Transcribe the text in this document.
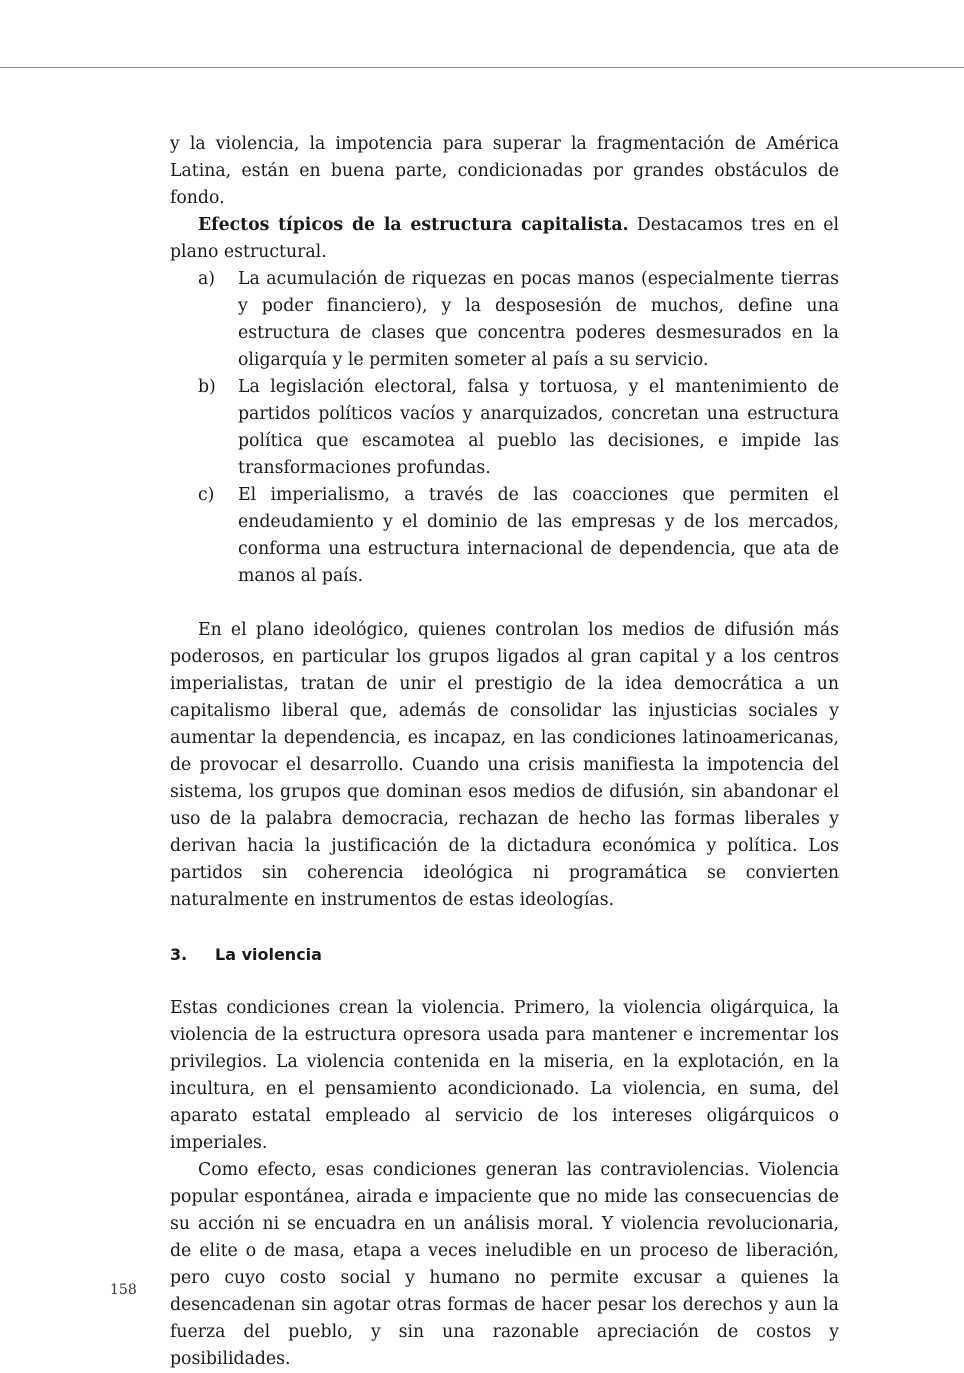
y la violencia, la impotencia para superar la fragmentación de América Latina, están en buena parte, condicionadas por grandes obstáculos de fondo.

Efectos típicos de la estructura capitalista. Destacamos tres en el plano estructural.

a) La acumulación de riquezas en pocas manos (especialmente tierras y poder financiero), y la desposesión de muchos, define una estructura de clases que concentra poderes desmesurados en la oligarquía y le permiten someter al país a su servicio.
b) La legislación electoral, falsa y tortuosa, y el mantenimiento de partidos políticos vacíos y anarquizados, concretan una estructura política que escamotea al pueblo las decisiones, e impide las transformaciones profundas.
c) El imperialismo, a través de las coacciones que permiten el endeudamiento y el dominio de las empresas y de los mercados, conforma una estructura internacional de dependencia, que ata de manos al país.

En el plano ideológico, quienes controlan los medios de difusión más poderosos, en particular los grupos ligados al gran capital y a los centros imperialistas, tratan de unir el prestigio de la idea democrática a un capitalismo liberal que, además de consolidar las injusticias sociales y aumentar la dependencia, es incapaz, en las condiciones latinoamericanas, de provocar el desarrollo. Cuando una crisis manifiesta la impotencia del sistema, los grupos que dominan esos medios de difusión, sin abandonar el uso de la palabra democracia, rechazan de hecho las formas liberales y derivan hacia la justificación de la dictadura económica y política. Los partidos sin coherencia ideológica ni programática se convierten naturalmente en instrumentos de estas ideologías.

3. La violencia

Estas condiciones crean la violencia. Primero, la violencia oligárquica, la violencia de la estructura opresora usada para mantener e incrementar los privilegios. La violencia contenida en la miseria, en la explotación, en la incultura, en el pensamiento acondicionado. La violencia, en suma, del aparato estatal empleado al servicio de los intereses oligárquicos o imperiales.

Como efecto, esas condiciones generan las contraviolencias. Violencia popular espontánea, airada e impaciente que no mide las consecuencias de su acción ni se encuadra en un análisis moral. Y violencia revolucionaria, de elite o de masa, etapa a veces ineludible en un proceso de liberación, pero cuyo costo social y humano no permite excusar a quienes la desencadenan sin agotar otras formas de hacer pesar los derechos y aun la fuerza del pueblo, y sin una razonable apreciación de costos y posibilidades.

158
